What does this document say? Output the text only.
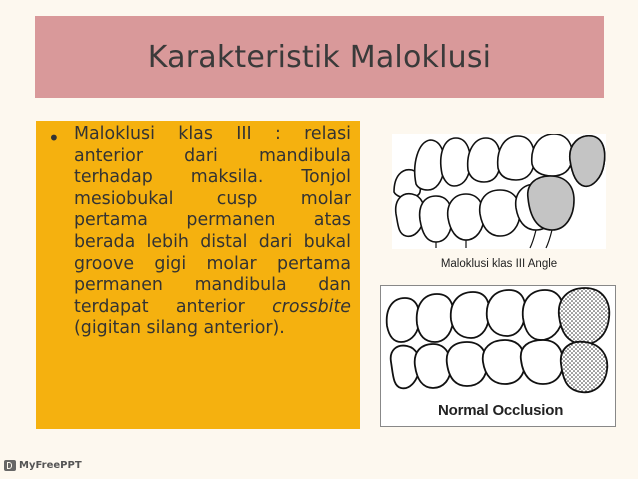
Karakteristik Maloklusi
• Maloklusi klas III : relasi anterior dari mandibula terhadap maksila. Tonjol mesiobukal cusp molar pertama permanen atas berada lebih distal dari bukal groove gigi molar pertama permanen mandibula dan terdapat anterior crossbite (gigitan silang anterior).
Maloklusi klas III Angle
Normal Occlusion
MyFreePPT
